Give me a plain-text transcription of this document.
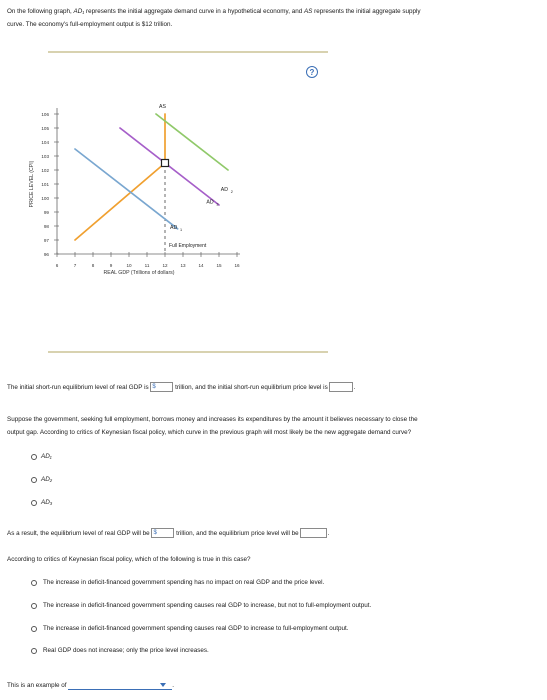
On the following graph, AD₁ represents the initial aggregate demand curve in a hypothetical economy, and AS represents the initial aggregate supply
curve. The economy's full-employment output is $12 trillion.
?
106
105
104
103
102
101
100
99
98
97
96
6	7	8	9	10	11	12	13	14	15	16
PRICE LEVEL (CPI)
REAL GDP (Trillions of dollars)
AS
AD 1
AD 2
AD 3
Full Employment
The initial short-run equilibrium level of real GDP is $	trillion, and the initial short-run equilibrium price level is	.
Suppose the government, seeking full employment, borrows money and increases its expenditures by the amount it believes necessary to close the
output gap. According to critics of Keynesian fiscal policy, which curve in the previous graph will most likely be the new aggregate demand curve?
AD₁
AD₂
AD₃
As a result, the equilibrium level of real GDP will be $	trillion, and the equilibrium price level will be	.
According to critics of Keynesian fiscal policy, which of the following is true in this case?
The increase in deficit-financed government spending has no impact on real GDP and the price level.
The increase in deficit-financed government spending causes real GDP to increase, but not to full-employment output.
The increase in deficit-financed government spending causes real GDP to increase to full-employment output.
Real GDP does not increase; only the price level increases.
This is an example of	.
